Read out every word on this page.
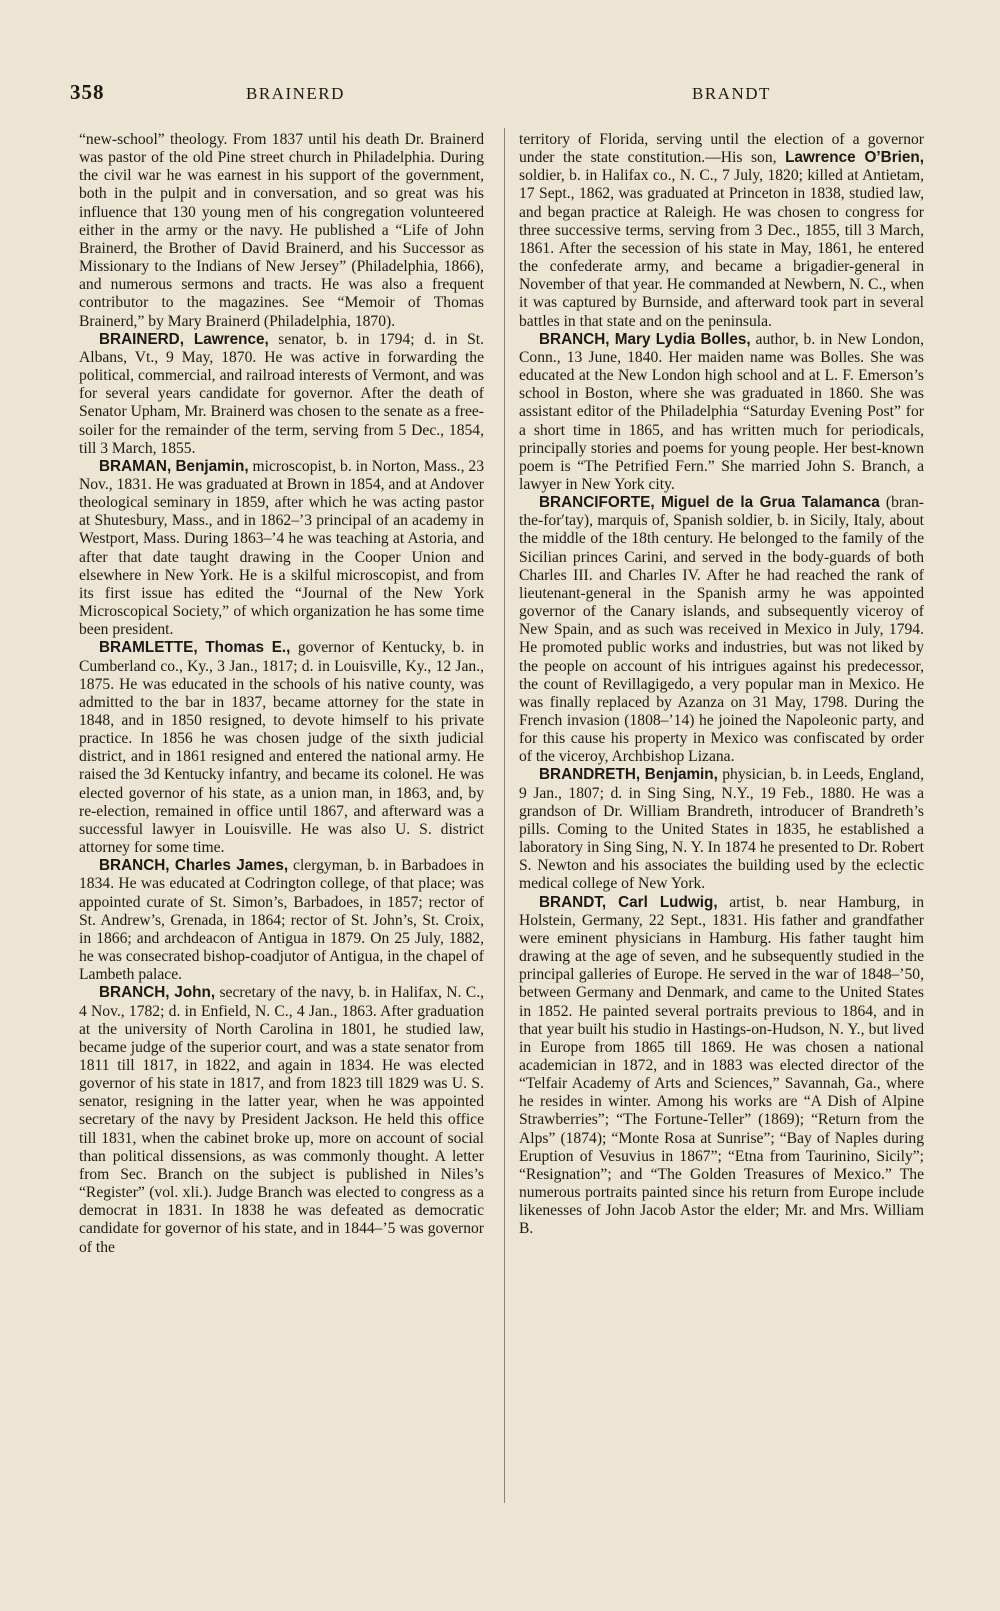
358	BRAINERD	BRANDT

“new-school” theology. From 1837 until his death Dr. Brainerd was pastor of the old Pine street church in Philadelphia. During the civil war he was earnest in his support of the government, both in the pulpit and in conversation, and so great was his influence that 130 young men of his congregation volunteered either in the army or the navy. He published a “Life of John Brainerd, the Brother of David Brainerd, and his Successor as Missionary to the Indians of New Jersey” (Philadelphia, 1866), and numerous sermons and tracts. He was also a frequent contributor to the magazines. See “Memoir of Thomas Brainerd,” by Mary Brainerd (Philadelphia, 1870).

BRAINERD, Lawrence, senator, b. in 1794; d. in St. Albans, Vt., 9 May, 1870. He was active in forwarding the political, commercial, and railroad interests of Vermont, and was for several years candidate for governor. After the death of Senator Upham, Mr. Brainerd was chosen to the senate as a free-soiler for the remainder of the term, serving from 5 Dec., 1854, till 3 March, 1855.

BRAMAN, Benjamin, microscopist, b. in Norton, Mass., 23 Nov., 1831. He was graduated at Brown in 1854, and at Andover theological seminary in 1859, after which he was acting pastor at Shutesbury, Mass., and in 1862–’3 principal of an academy in Westport, Mass. During 1863–’4 he was teaching at Astoria, and after that date taught drawing in the Cooper Union and elsewhere in New York. He is a skilful microscopist, and from its first issue has edited the “Journal of the New York Microscopical Society,” of which organization he has some time been president.

BRAMLETTE, Thomas E., governor of Kentucky, b. in Cumberland co., Ky., 3 Jan., 1817; d. in Louisville, Ky., 12 Jan., 1875. He was educated in the schools of his native county, was admitted to the bar in 1837, became attorney for the state in 1848, and in 1850 resigned, to devote himself to his private practice. In 1856 he was chosen judge of the sixth judicial district, and in 1861 resigned and entered the national army. He raised the 3d Kentucky infantry, and became its colonel. He was elected governor of his state, as a union man, in 1863, and, by re-election, remained in office until 1867, and afterward was a successful lawyer in Louisville. He was also U. S. district attorney for some time.

BRANCH, Charles James, clergyman, b. in Barbadoes in 1834. He was educated at Codrington college, of that place; was appointed curate of St. Simon’s, Barbadoes, in 1857; rector of St. Andrew’s, Grenada, in 1864; rector of St. John’s, St. Croix, in 1866; and archdeacon of Antigua in 1879. On 25 July, 1882, he was consecrated bishop-coadjutor of Antigua, in the chapel of Lambeth palace.

BRANCH, John, secretary of the navy, b. in Halifax, N. C., 4 Nov., 1782; d. in Enfield, N. C., 4 Jan., 1863. After graduation at the university of North Carolina in 1801, he studied law, became judge of the superior court, and was a state senator from 1811 till 1817, in 1822, and again in 1834. He was elected governor of his state in 1817, and from 1823 till 1829 was U. S. senator, resigning in the latter year, when he was appointed secretary of the navy by President Jackson. He held this office till 1831, when the cabinet broke up, more on account of social than political dissensions, as was commonly thought. A letter from Sec. Branch on the subject is published in Niles’s “Register” (vol. xli.). Judge Branch was elected to congress as a democrat in 1831. In 1838 he was defeated as democratic candidate for governor of his state, and in 1844–’5 was governor of the

territory of Florida, serving until the election of a governor under the state constitution.—His son, Lawrence O’Brien, soldier, b. in Halifax co., N. C., 7 July, 1820; killed at Antietam, 17 Sept., 1862, was graduated at Princeton in 1838, studied law, and began practice at Raleigh. He was chosen to congress for three successive terms, serving from 3 Dec., 1855, till 3 March, 1861. After the secession of his state in May, 1861, he entered the confederate army, and became a brigadier-general in November of that year. He commanded at Newbern, N. C., when it was captured by Burnside, and afterward took part in several battles in that state and on the peninsula.

BRANCH, Mary Lydia Bolles, author, b. in New London, Conn., 13 June, 1840. Her maiden name was Bolles. She was educated at the New London high school and at L. F. Emerson’s school in Boston, where she was graduated in 1860. She was assistant editor of the Philadelphia “Saturday Evening Post” for a short time in 1865, and has written much for periodicals, principally stories and poems for young people. Her best-known poem is “The Petrified Fern.” She married John S. Branch, a lawyer in New York city.

BRANCIFORTE, Miguel de la Grua Talamanca (bran-the-for′tay), marquis of, Spanish soldier, b. in Sicily, Italy, about the middle of the 18th century. He belonged to the family of the Sicilian princes Carini, and served in the body-guards of both Charles III. and Charles IV. After he had reached the rank of lieutenant-general in the Spanish army he was appointed governor of the Canary islands, and subsequently viceroy of New Spain, and as such was received in Mexico in July, 1794. He promoted public works and industries, but was not liked by the people on account of his intrigues against his predecessor, the count of Revillagigedo, a very popular man in Mexico. He was finally replaced by Azanza on 31 May, 1798. During the French invasion (1808–’14) he joined the Napoleonic party, and for this cause his property in Mexico was confiscated by order of the viceroy, Archbishop Lizana.

BRANDRETH, Benjamin, physician, b. in Leeds, England, 9 Jan., 1807; d. in Sing Sing, N.Y., 19 Feb., 1880. He was a grandson of Dr. William Brandreth, introducer of Brandreth’s pills. Coming to the United States in 1835, he established a laboratory in Sing Sing, N. Y. In 1874 he presented to Dr. Robert S. Newton and his associates the building used by the eclectic medical college of New York.

BRANDT, Carl Ludwig, artist, b. near Hamburg, in Holstein, Germany, 22 Sept., 1831. His father and grandfather were eminent physicians in Hamburg. His father taught him drawing at the age of seven, and he subsequently studied in the principal galleries of Europe. He served in the war of 1848–’50, between Germany and Denmark, and came to the United States in 1852. He painted several portraits previous to 1864, and in that year built his studio in Hastings-on-Hudson, N. Y., but lived in Europe from 1865 till 1869. He was chosen a national academician in 1872, and in 1883 was elected director of the “Telfair Academy of Arts and Sciences,” Savannah, Ga., where he resides in winter. Among his works are “A Dish of Alpine Strawberries”; “The Fortune-Teller” (1869); “Return from the Alps” (1874); “Monte Rosa at Sunrise”; “Bay of Naples during Eruption of Vesuvius in 1867”; “Etna from Taurinino, Sicily”; “Resignation”; and “The Golden Treasures of Mexico.” The numerous portraits painted since his return from Europe include likenesses of John Jacob Astor the elder; Mr. and Mrs. William B.
